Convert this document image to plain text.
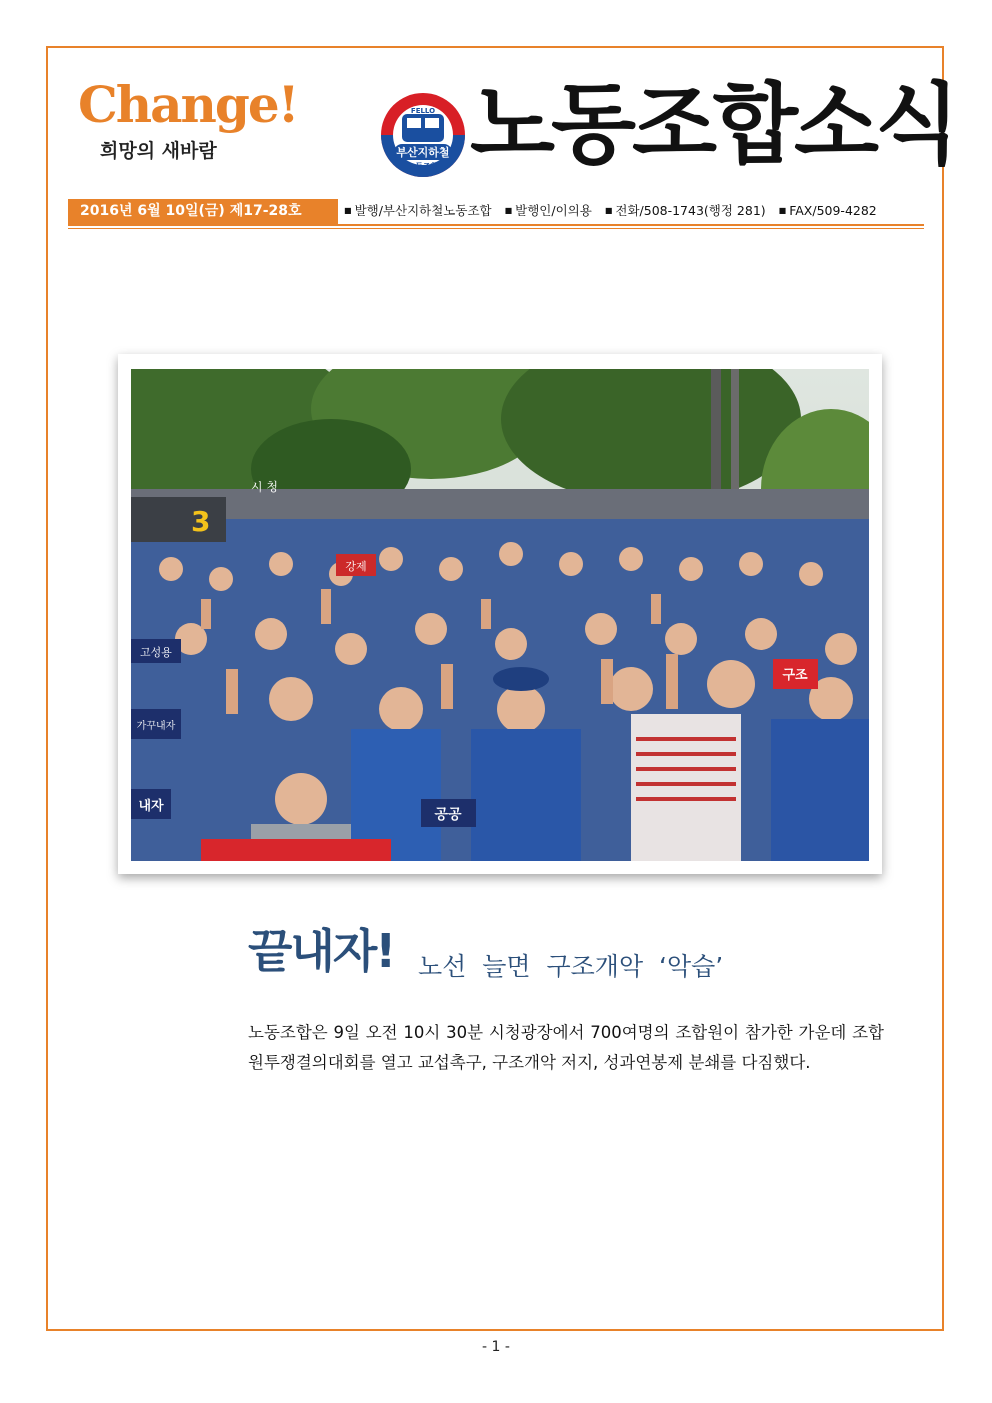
Change!
희망의 새바람
FELLO
부산지하철
노동조합 노동조합소식
2016년 6월 10일(금) 제17-28호	■ 발행/부산지하철노동조합 ■ 발행인/이의용 ■ 전화/508-1743(행정 281) ■ FAX/509-4282
3
시 청
공공
내자
강제
구조
고성용
가꾸내자
끝내자! 노선 늘면 구조개악 ‘악습’
노동조합은 9일 오전 10시 30분 시청광장에서 700여명의 조합원이 참가한 가운데 조합원투쟁결의대회를 열고 교섭촉구, 구조개악 저지, 성과연봉제 분쇄를 다짐했다.
- 1 -
